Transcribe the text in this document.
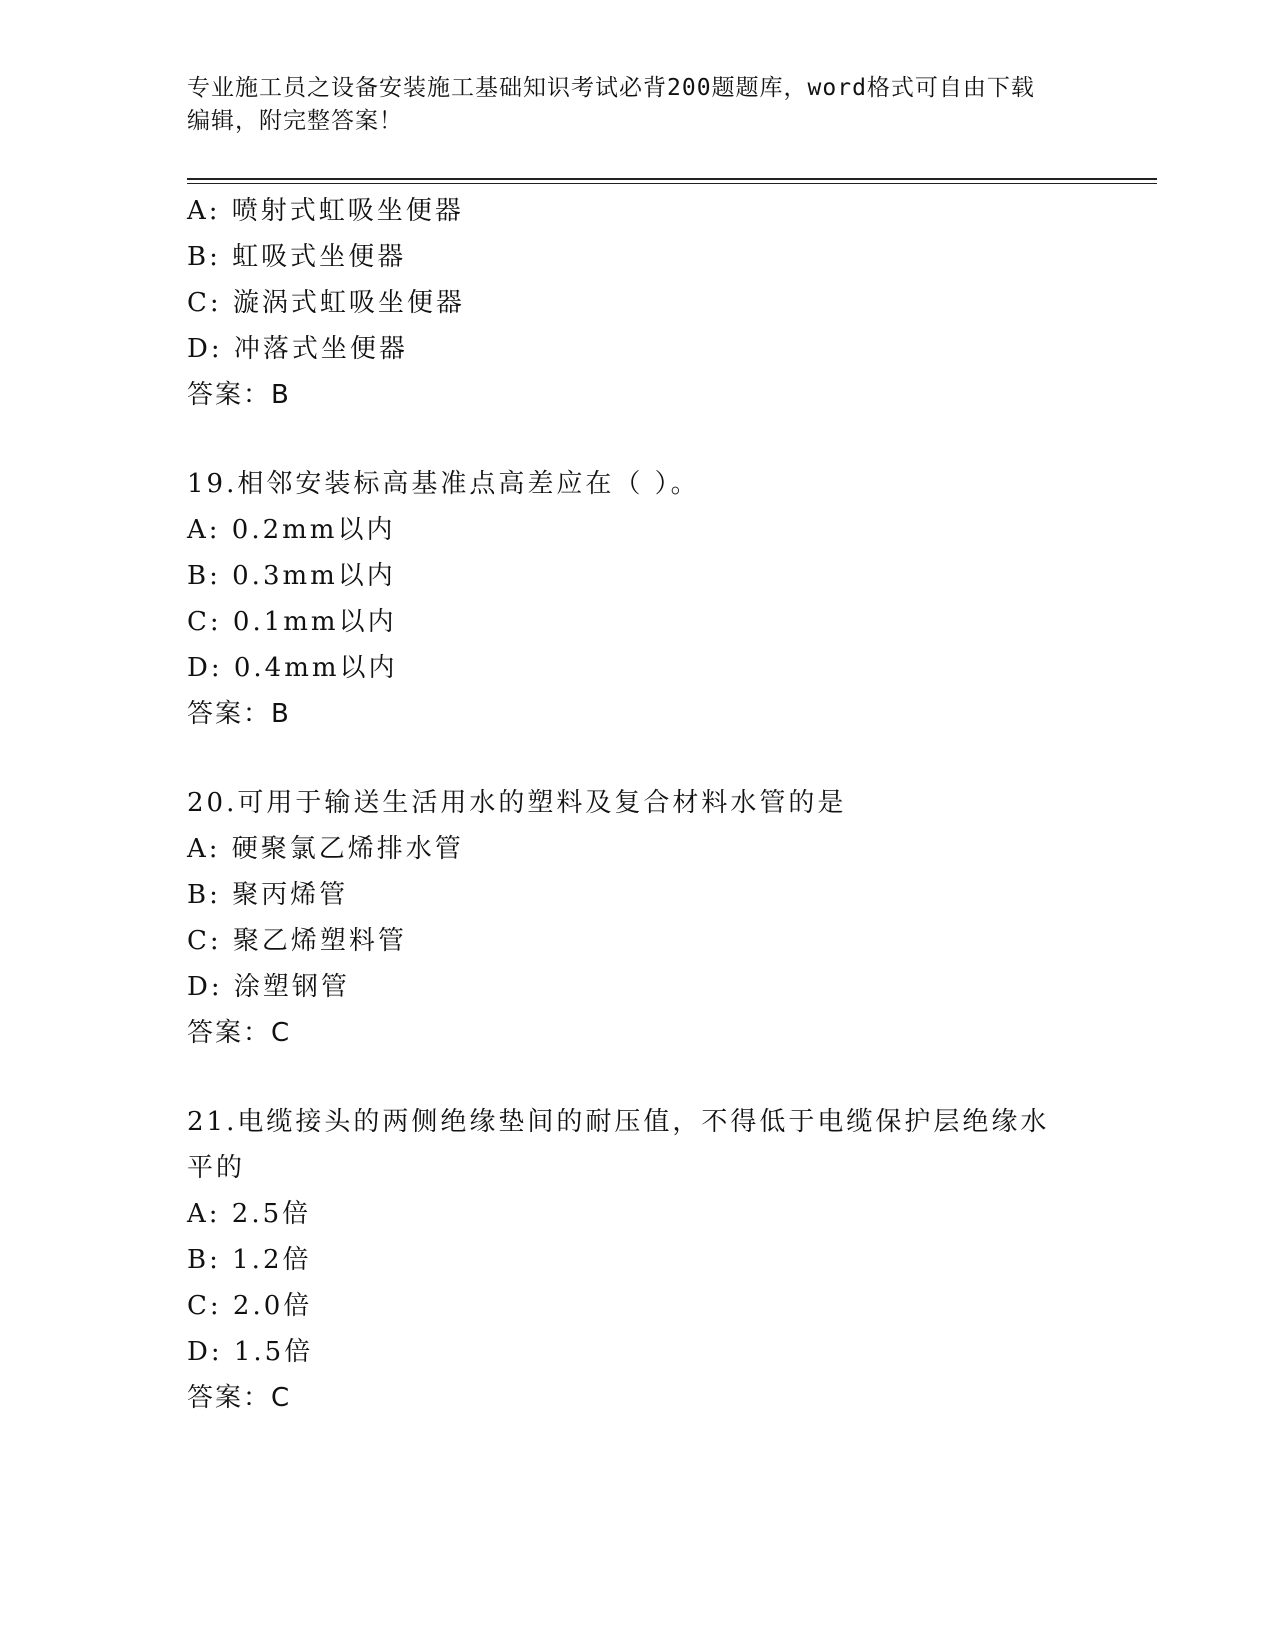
专业施工员之设备安装施工基础知识考试必背200题题库，word格式可自由下载
编辑，附完整答案！
A: 喷射式虹吸坐便器
B: 虹吸式坐便器
C: 漩涡式虹吸坐便器
D: 冲落式坐便器
答案：B
19.相邻安装标高基准点高差应在（ ）。
A: 0.2mm以内
B: 0.3mm以内
C: 0.1mm以内
D: 0.4mm以内
答案：B
20.可用于输送生活用水的塑料及复合材料水管的是
A: 硬聚氯乙烯排水管
B: 聚丙烯管
C: 聚乙烯塑料管
D: 涂塑钢管
答案：C
21.电缆接头的两侧绝缘垫间的耐压值，不得低于电缆保护层绝缘水平的
A: 2.5倍
B: 1.2倍
C: 2.0倍
D: 1.5倍
答案：C
